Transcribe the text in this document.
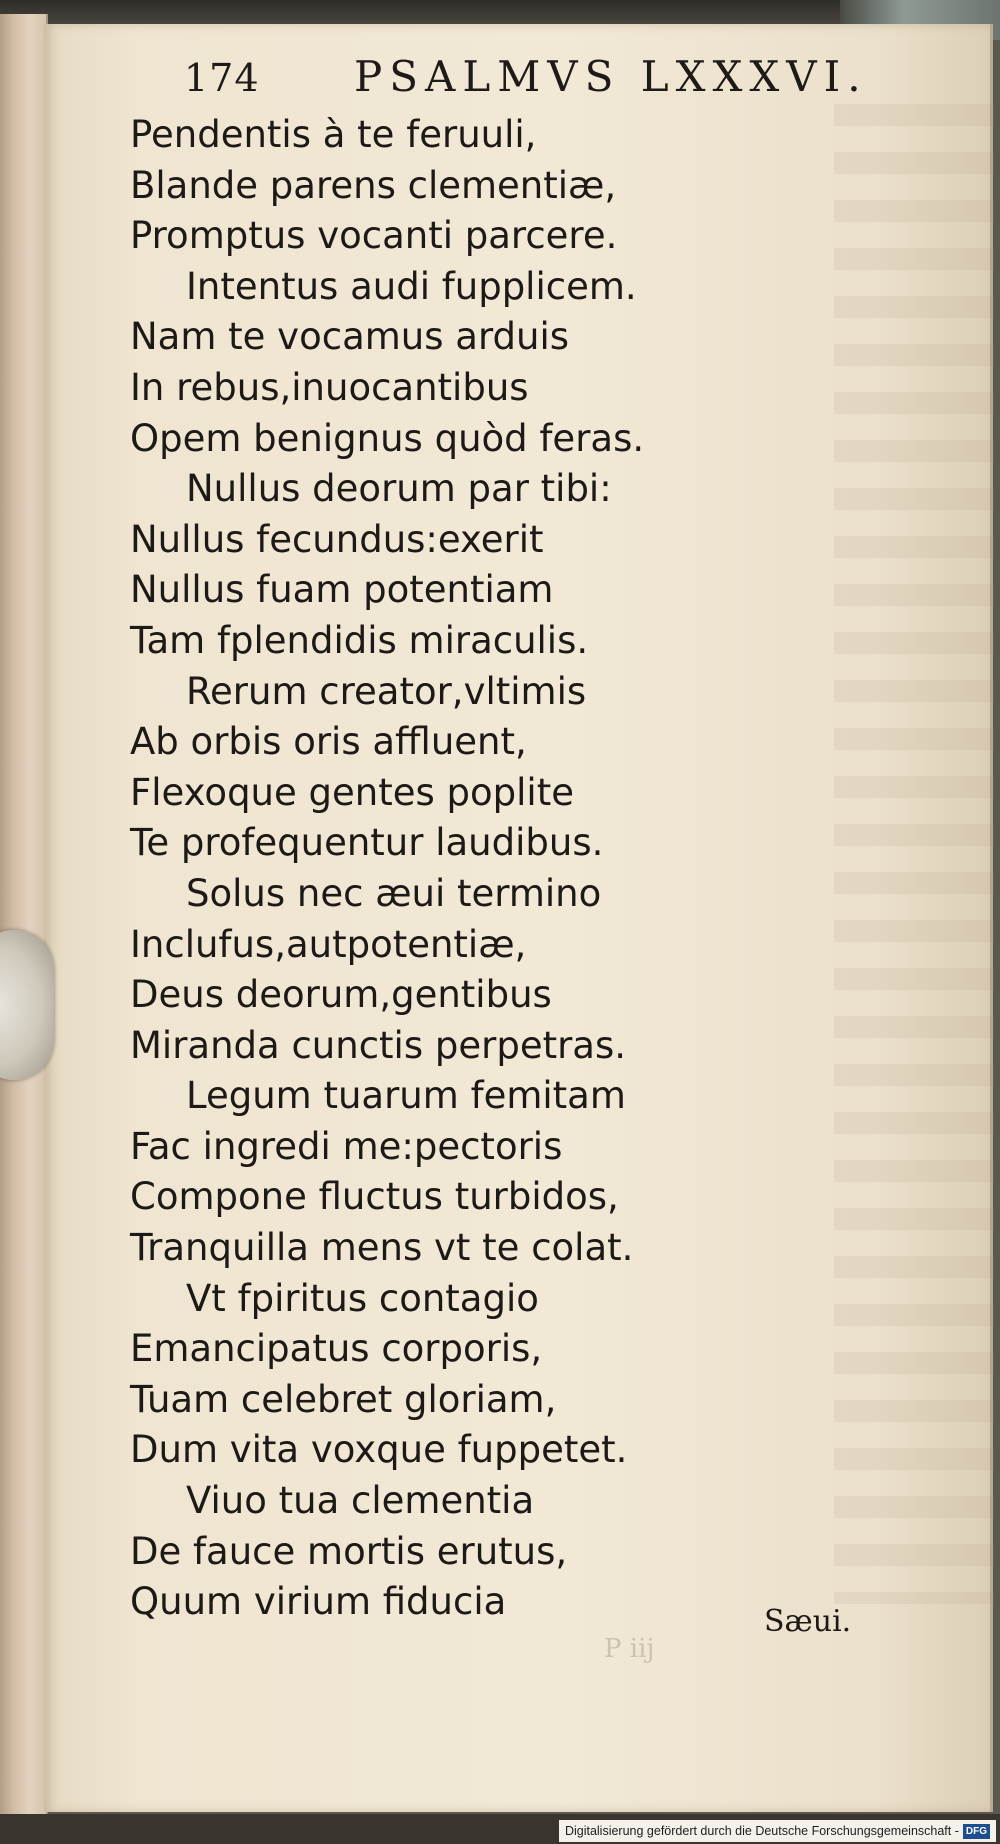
174 PSALMVS LXXXVI.
Pendentis à te feruuli,
Blande parens clementiæ,
Promptus vocanti parcere.
Intentus audi fupplicem.
Nam te vocamus arduis
In rebus,inuocantibus
Opem benignus quòd feras.
Nullus deorum par tibi:
Nullus fecundus:exerit
Nullus fuam potentiam
Tam fplendidis miraculis.
Rerum creator,vltimis
Ab orbis oris affluent,
Flexoque gentes poplite
Te profequentur laudibus.
Solus nec æui termino
Inclufus,autpotentiæ,
Deus deorum,gentibus
Miranda cunctis perpetras.
Legum tuarum femitam
Fac ingredi me:pectoris
Compone fluctus turbidos,
Tranquilla mens vt te colat.
Vt fpiritus contagio
Emancipatus corporis,
Tuam celebret gloriam,
Dum vita voxque fuppetet.
Viuo tua clementia
De fauce mortis erutus,
Quum virium fiducia
P iij
Sæui.
Digitalisierung gefördert durch die Deutsche Forschungsgemeinschaft - DFG
